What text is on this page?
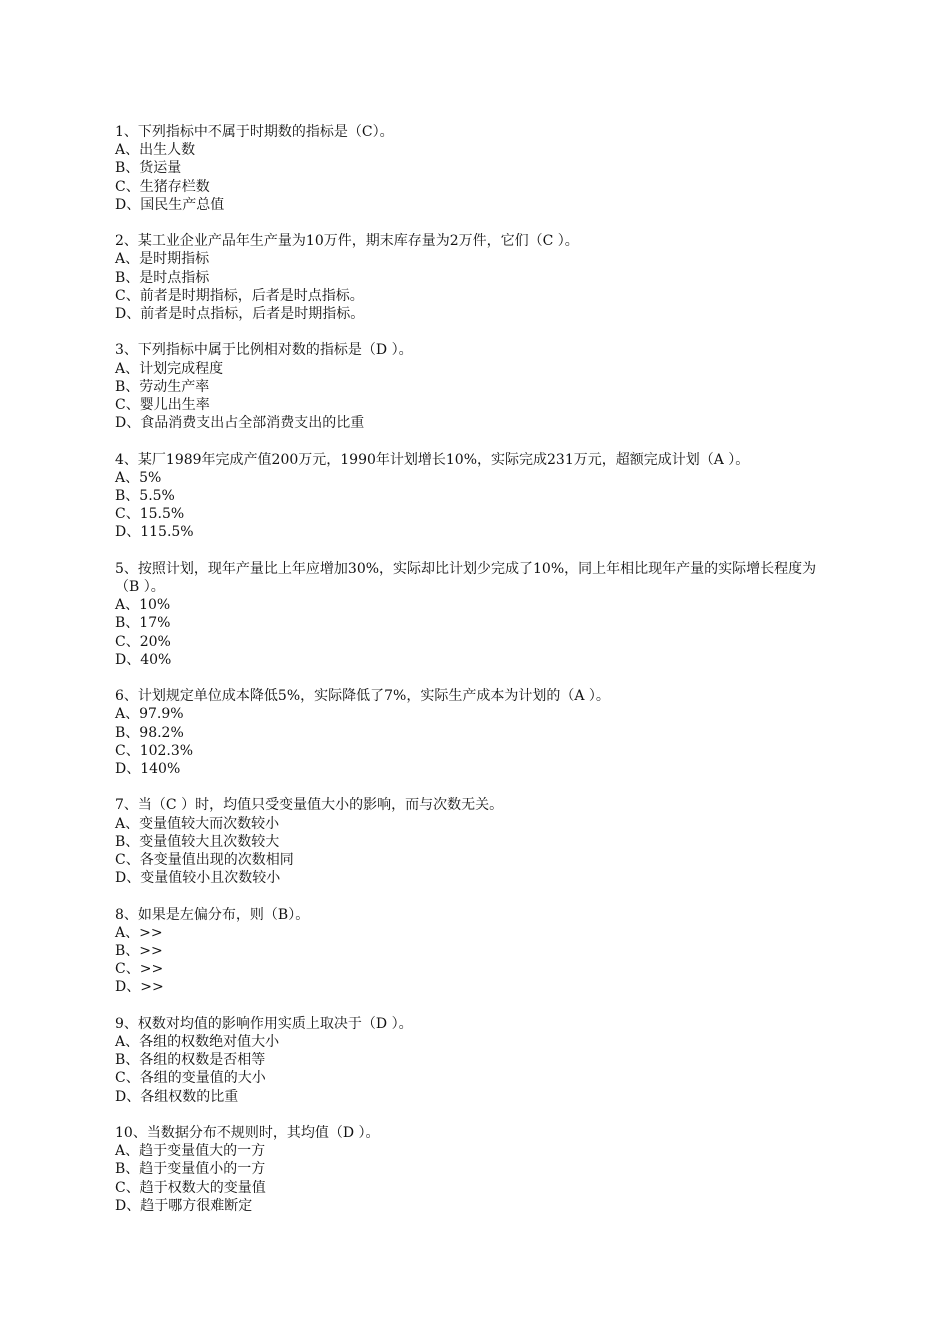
1、下列指标中不属于时期数的指标是（C）。

A、出生人数

B、货运量

C、生猪存栏数

D、国民生产总值

2、某工业企业产品年生产量为10万件，期末库存量为2万件，它们（C ）。

A、是时期指标

B、是时点指标

C、前者是时期指标，后者是时点指标。

D、前者是时点指标，后者是时期指标。

3、下列指标中属于比例相对数的指标是（D ）。

A、计划完成程度

B、劳动生产率

C、婴儿出生率

D、食品消费支出占全部消费支出的比重

4、某厂1989年完成产值200万元，1990年计划增长10%，实际完成231万元，超额完成计划（A ）。

A、5%

B、5.5%

C、15.5%

D、115.5%

5、按照计划，现年产量比上年应增加30%，实际却比计划少完成了10%，同上年相比现年产量的实际增长程度为（B ）。

A、10%

B、17%

C、20%

D、40%

6、计划规定单位成本降低5%，实际降低了7%，实际生产成本为计划的（A ）。

A、97.9%

B、98.2%

C、102.3%

D、140%

7、当（C ）时，均值只受变量值大小的影响，而与次数无关。

A、变量值较大而次数较小

B、变量值较大且次数较大

C、各变量值出现的次数相同

D、变量值较小且次数较小

8、如果是左偏分布，则（B）。

A、>>

B、>>

C、>>

D、>>

9、权数对均值的影响作用实质上取决于（D ）。

A、各组的权数绝对值大小

B、各组的权数是否相等

C、各组的变量值的大小

D、各组权数的比重

10、当数据分布不规则时，其均值（D ）。

A、趋于变量值大的一方

B、趋于变量值小的一方

C、趋于权数大的变量值

D、趋于哪方很难断定
